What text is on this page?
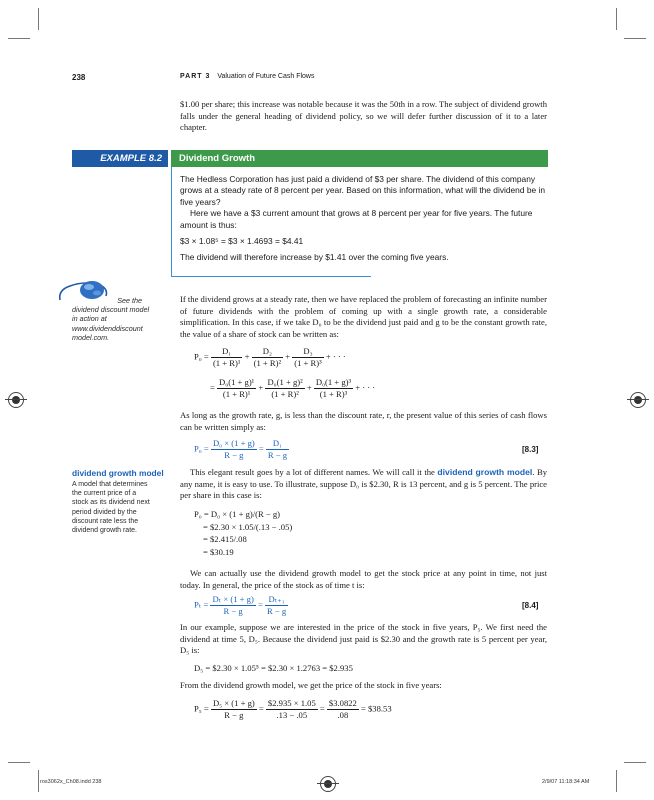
238	PART 3 Valuation of Future Cash Flows
$1.00 per share; this increase was notable because it was the 50th in a row. The subject of dividend growth falls under the general heading of dividend policy, so we will defer further discussion of it to a later chapter.
EXAMPLE 8.2	Dividend Growth
The Hedless Corporation has just paid a dividend of $3 per share. The dividend of this company grows at a steady rate of 8 percent per year. Based on this information, what will the dividend be in five years?
Here we have a $3 current amount that grows at 8 percent per year for five years. The future amount is thus:
$3 × 1.08⁵ = $3 × 1.4693 = $4.41
The dividend will therefore increase by $1.41 over the coming five years.
See the
dividend discount model
in action at
www.dividenddiscount
model.com.
If the dividend grows at a steady rate, then we have replaced the problem of forecasting an infinite number of future dividends with the problem of coming up with a single growth rate, a considerable simplification. In this case, if we take D₀ to be the dividend just paid and g to be the constant growth rate, the value of a share of stock can be written as:
$P_0 = \frac{\text{D₁}}{\text{(1 + R)¹}} + \frac{\text{D₂}}{\text{(1 + R)²}} + \frac{\text{D₃}}{\text{(1 + R)³}}$ + · · ·
= $\frac{\text{D₀(1 + g)¹}}{\text{(1 + R)¹}} + \frac{\text{D₀(1 + g)²}}{\text{(1 + R)²}} + \frac{\text{D₀(1 + g)³}}{\text{(1 + R)³}}$ + · · ·
As long as the growth rate, g, is less than the discount rate, r, the present value of this series of cash flows can be written simply as:
$P_0 = \frac{\text{D₀ × (1 + g)}}{R - g} = \frac{\text{D₁}}{R - g}$	[8.3]
dividend growth model
A model that determines the current price of a stock as its dividend next period divided by the discount rate less the dividend growth rate.
This elegant result goes by a lot of different names. We will call it the dividend growth model. By any name, it is easy to use. To illustrate, suppose D₀ is $2.30, R is 13 percent, and g is 5 percent. The price per share in this case is:
P₀ = D₀ × (1 + g)/(R − g)
= $2.30 × 1.05/(.13 − .05)
= $2.415/.08
= $30.19
We can actually use the dividend growth model to get the stock price at any point in time, not just today. In general, the price of the stock as of time t is:
$P_t = \frac{\text{Dₜ × (1 + g)}}{R - g} = \frac{\text{Dₜ₊₁}}{R - g}$	[8.4]
In our example, suppose we are interested in the price of the stock in five years, P₅. We first need the dividend at time 5, D₅. Because the dividend just paid is $2.30 and the growth rate is 5 percent per year, D₅ is:
D₅ = $2.30 × 1.05⁵ = $2.30 × 1.2763 = $2.935
From the dividend growth model, we get the price of the stock in five years:
$P_5 = \frac{\text{D₅ × (1 + g)}}{R - g} = \frac{\$2.935 \times 1.05}{.13 - .05} = \frac{\$3.0822}{.08}$ = $38.53
ros3062x_Ch08.indd 238	2/9/07 11:18:34 AM
